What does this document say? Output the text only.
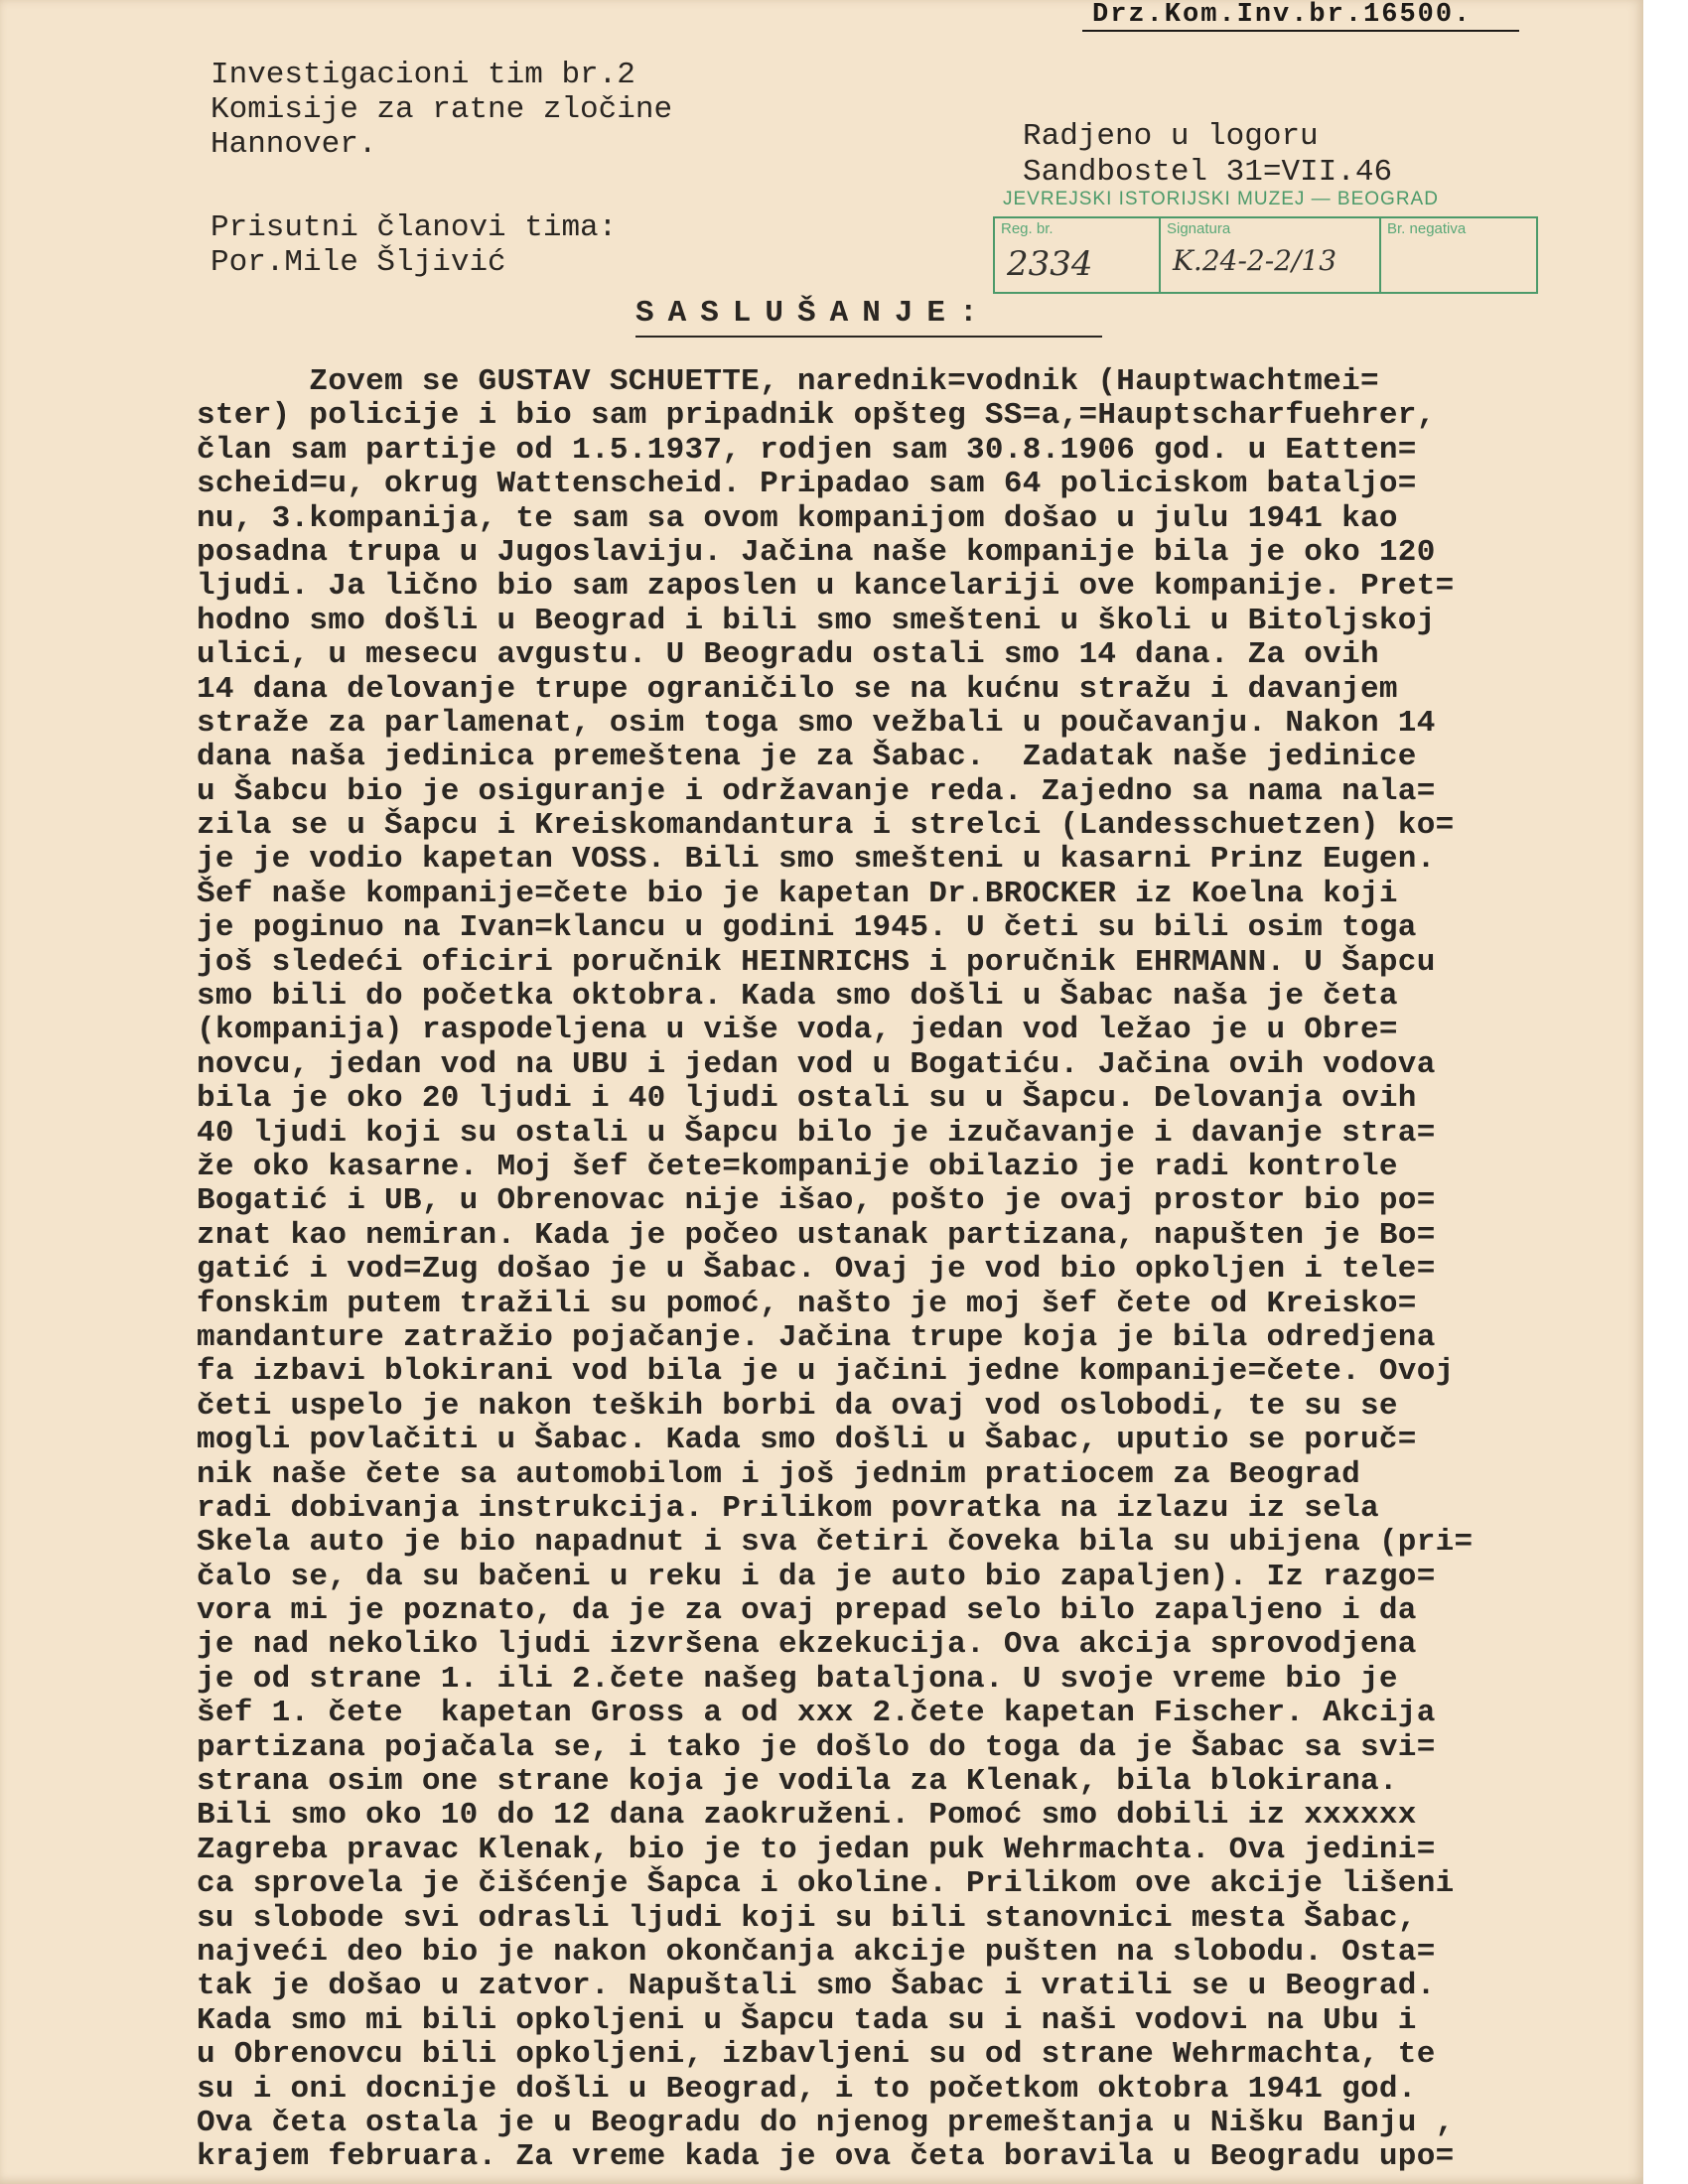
Drz.Kom.Inv.br.16500.
Investigacioni tim br.2
Komisije za ratne zločine
Hannover.	Radjeno u logoru
Sandbostel 31=VII.46
JEVREJSKI ISTORIJSKI MUZEJ — BEOGRAD
Reg. br.
2334
Signatura
K.24-2-2/13
Br. negativa
Prisutni članovi tima:
Por.Mile Šljivić
SASLUŠANJE:
Zovem se GUSTAV SCHUETTE, narednik=vodnik (Hauptwachtmei=
ster) policije i bio sam pripadnik opšteg SS=a,=Hauptscharfuehrer,
član sam partije od 1.5.1937, rodjen sam 30.8.1906 god. u Eatten=
scheid=u, okrug Wattenscheid. Pripadao sam 64 policiskom bataljo=
nu, 3.kompanija, te sam sa ovom kompanijom došao u julu 1941 kao
posadna trupa u Jugoslaviju. Jačina naše kompanije bila je oko 120
ljudi. Ja lično bio sam zaposlen u kancelariji ove kompanije. Pret=
hodno smo došli u Beograd i bili smo smešteni u školi u Bitoljskoj
ulici, u mesecu avgustu. U Beogradu ostali smo 14 dana. Za ovih
14 dana delovanje trupe ograničilo se na kućnu stražu i davanjem
straže za parlamenat, osim toga smo vežbali u poučavanju. Nakon 14
dana naša jedinica premeštena je za Šabac.  Zadatak naše jedinice
u Šabcu bio je osiguranje i održavanje reda. Zajedno sa nama nala=
zila se u Šapcu i Kreiskomandantura i strelci (Landesschuetzen) ko=
je je vodio kapetan VOSS. Bili smo smešteni u kasarni Prinz Eugen.
Šef naše kompanije=čete bio je kapetan Dr.BROCKER iz Koelna koji
je poginuo na Ivan=klancu u godini 1945. U četi su bili osim toga
još sledeći oficiri poručnik HEINRICHS i poručnik EHRMANN. U Šapcu
smo bili do početka oktobra. Kada smo došli u Šabac naša je četa
(kompanija) raspodeljena u više voda, jedan vod ležao je u Obre=
novcu, jedan vod na UBU i jedan vod u Bogatiću. Jačina ovih vodova
bila je oko 20 ljudi i 40 ljudi ostali su u Šapcu. Delovanja ovih
40 ljudi koji su ostali u Šapcu bilo je izučavanje i davanje stra=
že oko kasarne. Moj šef čete=kompanije obilazio je radi kontrole
Bogatić i UB, u Obrenovac nije išao, pošto je ovaj prostor bio po=
znat kao nemiran. Kada je počeo ustanak partizana, napušten je Bo=
gatić i vod=Zug došao je u Šabac. Ovaj je vod bio opkoljen i tele=
fonskim putem tražili su pomoć, našto je moj šef čete od Kreisko=
mandanture zatražio pojačanje. Jačina trupe koja je bila odredjena
fa izbavi blokirani vod bila je u jačini jedne kompanije=čete. Ovoj
četi uspelo je nakon teških borbi da ovaj vod oslobodi, te su se
mogli povlačiti u Šabac. Kada smo došli u Šabac, uputio se poruč=
nik naše čete sa automobilom i još jednim pratiocem za Beograd
radi dobivanja instrukcija. Prilikom povratka na izlazu iz sela
Skela auto je bio napadnut i sva četiri čoveka bila su ubijena (pri=
čalo se, da su bačeni u reku i da je auto bio zapaljen). Iz razgo=
vora mi je poznato, da je za ovaj prepad selo bilo zapaljeno i da
je nad nekoliko ljudi izvršena ekzekucija. Ova akcija sprovodjena
je od strane 1. ili 2.čete našeg bataljona. U svoje vreme bio je
šef 1. čete  kapetan Gross a od xxx 2.čete kapetan Fischer. Akcija
partizana pojačala se, i tako je došlo do toga da je Šabac sa svi=
strana osim one strane koja je vodila za Klenak, bila blokirana.
Bili smo oko 10 do 12 dana zaokruženi. Pomoć smo dobili iz xxxxxx
Zagreba pravac Klenak, bio je to jedan puk Wehrmachta. Ova jedini=
ca sprovela je čišćenje Šapca i okoline. Prilikom ove akcije lišeni
su slobode svi odrasli ljudi koji su bili stanovnici mesta Šabac,
najveći deo bio je nakon okončanja akcije pušten na slobodu. Osta=
tak je došao u zatvor. Napuštali smo Šabac i vratili se u Beograd.
Kada smo mi bili opkoljeni u Šapcu tada su i naši vodovi na Ubu i
u Obrenovcu bili opkoljeni, izbavljeni su od strane Wehrmachta, te
su i oni docnije došli u Beograd, i to početkom oktobra 1941 god.
Ova četa ostala je u Beogradu do njenog premeštanja u Nišku Banju ,
krajem februara. Za vreme kada je ova četa boravila u Beogradu upo=
